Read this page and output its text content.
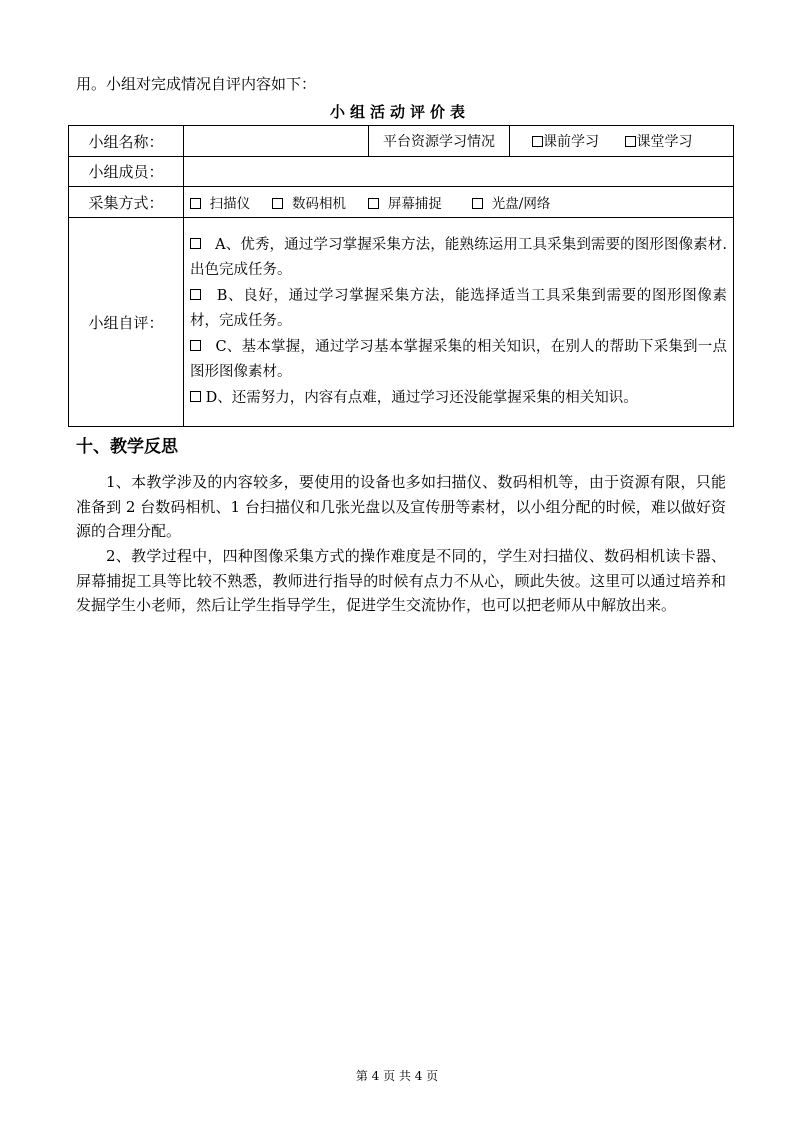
用。小组对完成情况自评内容如下：
小组活动评价表
小组名称：		平台资源学习情况	课前学习 课堂学习
小组成员：			
采集方式：	扫描仪 数码相机 屏幕捕捉 光盘/网络		
小组自评：	A、优秀，通过学习掌握采集方法，能熟练运用工具采集到需要的图形图像素材.出色完成任务。
B、良好，通过学习掌握采集方法，能选择适当工具采集到需要的图形图像素材，完成任务。
C、基本掌握，通过学习基本掌握采集的相关知识，在别人的帮助下采集到一点图形图像素材。
D、还需努力，内容有点难，通过学习还没能掌握采集的相关知识。		
十、教学反思
1、本教学涉及的内容较多，要使用的设备也多如扫描仪、数码相机等，由于资源有限，只能准备到 2 台数码相机、1 台扫描仪和几张光盘以及宣传册等素材，以小组分配的时候，难以做好资源的合理分配。
2、教学过程中，四种图像采集方式的操作难度是不同的，学生对扫描仪、数码相机读卡器、屏幕捕捉工具等比较不熟悉，教师进行指导的时候有点力不从心，顾此失彼。这里可以通过培养和发掘学生小老师，然后让学生指导学生，促进学生交流协作，也可以把老师从中解放出来。
第 4 页 共 4 页
